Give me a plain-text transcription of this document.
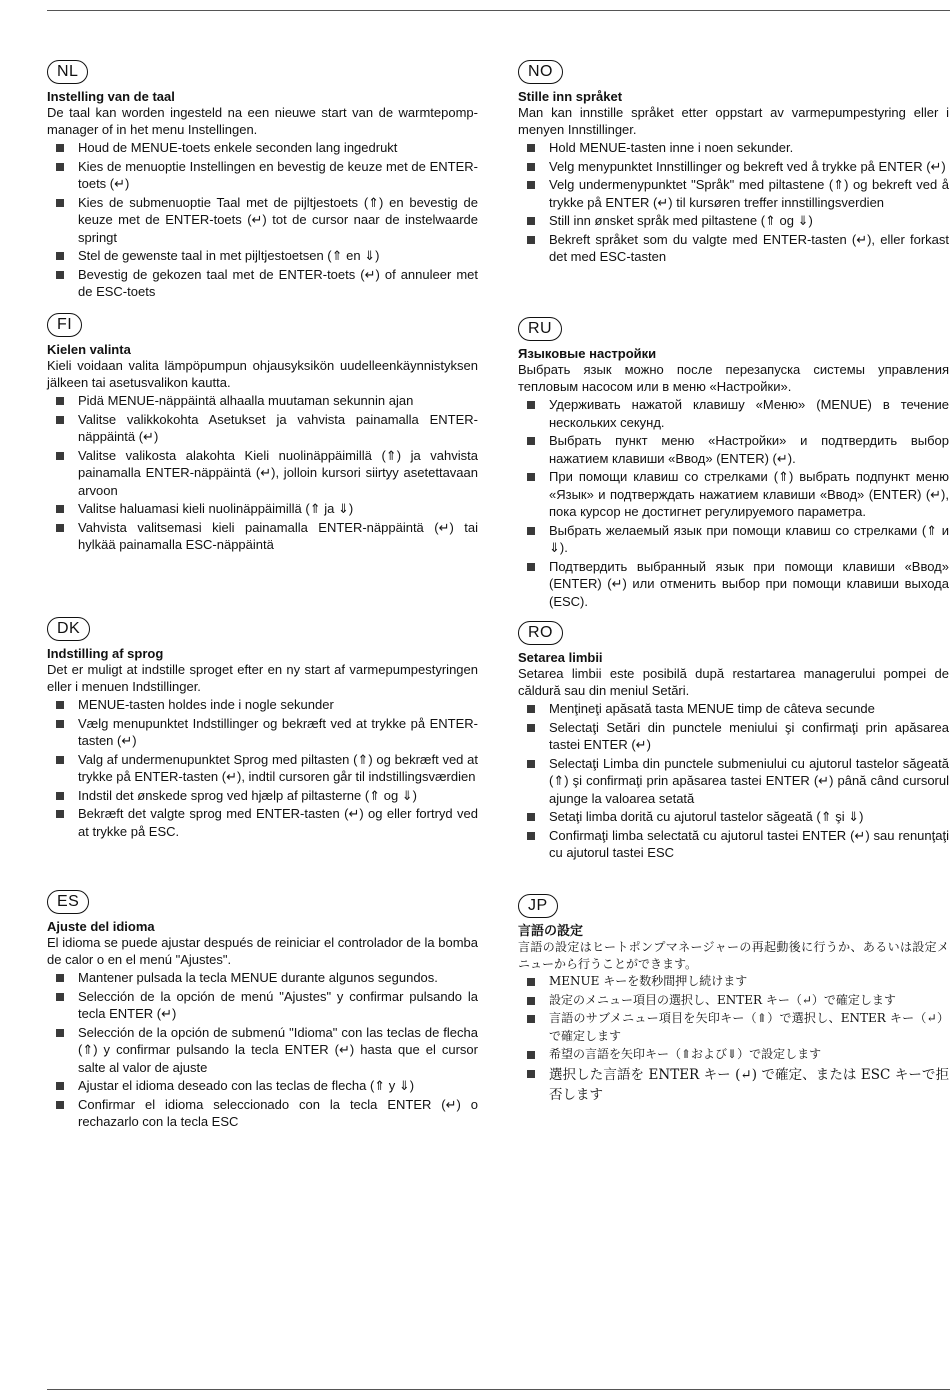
NL

Instelling van de taal

De taal kan worden ingesteld na een nieuwe start van de warmtepomp-manager of in het menu Instellingen.

Houd de MENUE-toets enkele seconden lang ingedrukt
Kies de menuoptie Instellingen en bevestig de keuze met de ENTER-toets (↵)
Kies de submenuoptie Taal met de pijltjestoets (⇑) en bevestig de keuze met de ENTER-toets (↵) tot de cursor naar de instelwaarde springt
Stel de gewenste taal in met pijltjestoetsen (⇑ en ⇓)
Bevestig de gekozen taal met de ENTER-toets (↵) of annuleer met de ESC-toets
FI

Kielen valinta

Kieli voidaan valita lämpöpumpun ohjausyksikön uudelleenkäynnistyksen jälkeen tai asetusvalikon kautta.

Pidä MENUE-näppäintä alhaalla muutaman sekunnin ajan
Valitse valikkokohta Asetukset ja vahvista painamalla ENTER-näppäintä (↵)
Valitse valikosta alakohta Kieli nuolinäppäimillä (⇑) ja vahvista painamalla ENTER-näppäintä (↵), jolloin kursori siirtyy asetettavaan arvoon
Valitse haluamasi kieli nuolinäppäimillä (⇑ ja ⇓)
Vahvista valitsemasi kieli painamalla ENTER-näppäintä (↵) tai hylkää painamalla ESC-näppäintä
DK

Indstilling af sprog

Det er muligt at indstille sproget efter en ny start af varmepumpestyringen eller i menuen Indstillinger.

MENUE-tasten holdes inde i nogle sekunder
Vælg menupunktet Indstillinger og bekræft ved at trykke på ENTER-tasten (↵)
Valg af undermenupunktet Sprog med piltasten (⇑) og bekræft ved at trykke på ENTER-tasten (↵), indtil cursoren går til indstillingsværdien
Indstil det ønskede sprog ved hjælp af piltasterne (⇑ og ⇓)
Bekræft det valgte sprog med ENTER-tasten (↵) og eller fortryd ved at trykke på ESC.
ES

Ajuste del idioma

El idioma se puede ajustar después de reiniciar el controlador de la bomba de calor o en el menú "Ajustes".

Mantener pulsada la tecla MENUE durante algunos segundos.
Selección de la opción de menú "Ajustes" y confirmar pulsando la tecla ENTER (↵)
Selección de la opción de submenú "Idioma" con las teclas de flecha (⇑) y confirmar pulsando la tecla ENTER (↵) hasta que el cursor salte al valor de ajuste
Ajustar el idioma deseado con las teclas de flecha (⇑ y ⇓)
Confirmar el idioma seleccionado con la tecla ENTER (↵) o rechazarlo con la tecla ESC
NO

Stille inn språket

Man kan innstille språket etter oppstart av varmepumpestyring eller i menyen Innstillinger.

Hold MENUE-tasten inne i noen sekunder.
Velg menypunktet Innstillinger og bekreft ved å trykke på ENTER (↵)
Velg undermenypunktet "Språk" med piltastene (⇑) og bekreft ved å trykke på ENTER (↵) til kursøren treffer innstillingsverdien
Still inn ønsket språk med piltastene (⇑ og ⇓)
Bekreft språket som du valgte med ENTER-tasten (↵), eller forkast det med ESC-tasten
RU

Языковые настройки

Выбрать язык можно после перезапуска системы управления тепловым насосом или в меню «Настройки».

Удерживать нажатой клавишу «Меню» (MENUE) в течение нескольких секунд.
Выбрать пункт меню «Настройки» и подтвердить выбор нажатием клавиши «Ввод» (ENTER) (↵).
При помощи клавиш со стрелками (⇑) выбрать подпункт меню «Язык» и подтверждать нажатием клавиши «Ввод» (ENTER) (↵), пока курсор не достигнет регулируемого параметра.
Выбрать желаемый язык при помощи клавиш со стрелками (⇑ и ⇓).
Подтвердить выбранный язык при помощи клавиши «Ввод» (ENTER) (↵) или отменить выбор при помощи клавиши выхода (ESC).
RO

Setarea limbii

Setarea limbii este posibilă după restartarea managerului pompei de căldură sau din meniul Setări.

Menţineţi apăsată tasta MENUE timp de câteva secunde
Selectaţi Setări din punctele meniului şi confirmaţi prin apăsarea tastei ENTER (↵)
Selectaţi Limba din punctele submeniului cu ajutorul tastelor săgeată (⇑) şi confirmaţi prin apăsarea tastei ENTER (↵) până când cursorul ajunge la valoarea setată
Setaţi limba dorită cu ajutorul tastelor săgeată (⇑ şi ⇓)
Confirmaţi limba selectată cu ajutorul tastei ENTER (↵) sau renunţaţi cu ajutorul tastei ESC
JP

言語の設定

言語の設定はヒートポンプマネージャーの再起動後に行うか、あるいは設定メニューから行うことができます。

MENUE キーを数秒間押し続けます
設定のメニュー項目の選択し、ENTER キー（↵）で確定します
言語のサブメニュー項目を矢印キー（⇑）で選択し、ENTER キー（↵）で確定します
希望の言語を矢印キー（⇑および⇓）で設定します
選択した言語を ENTER キー (↵) で確定、または ESC キーで拒否します
